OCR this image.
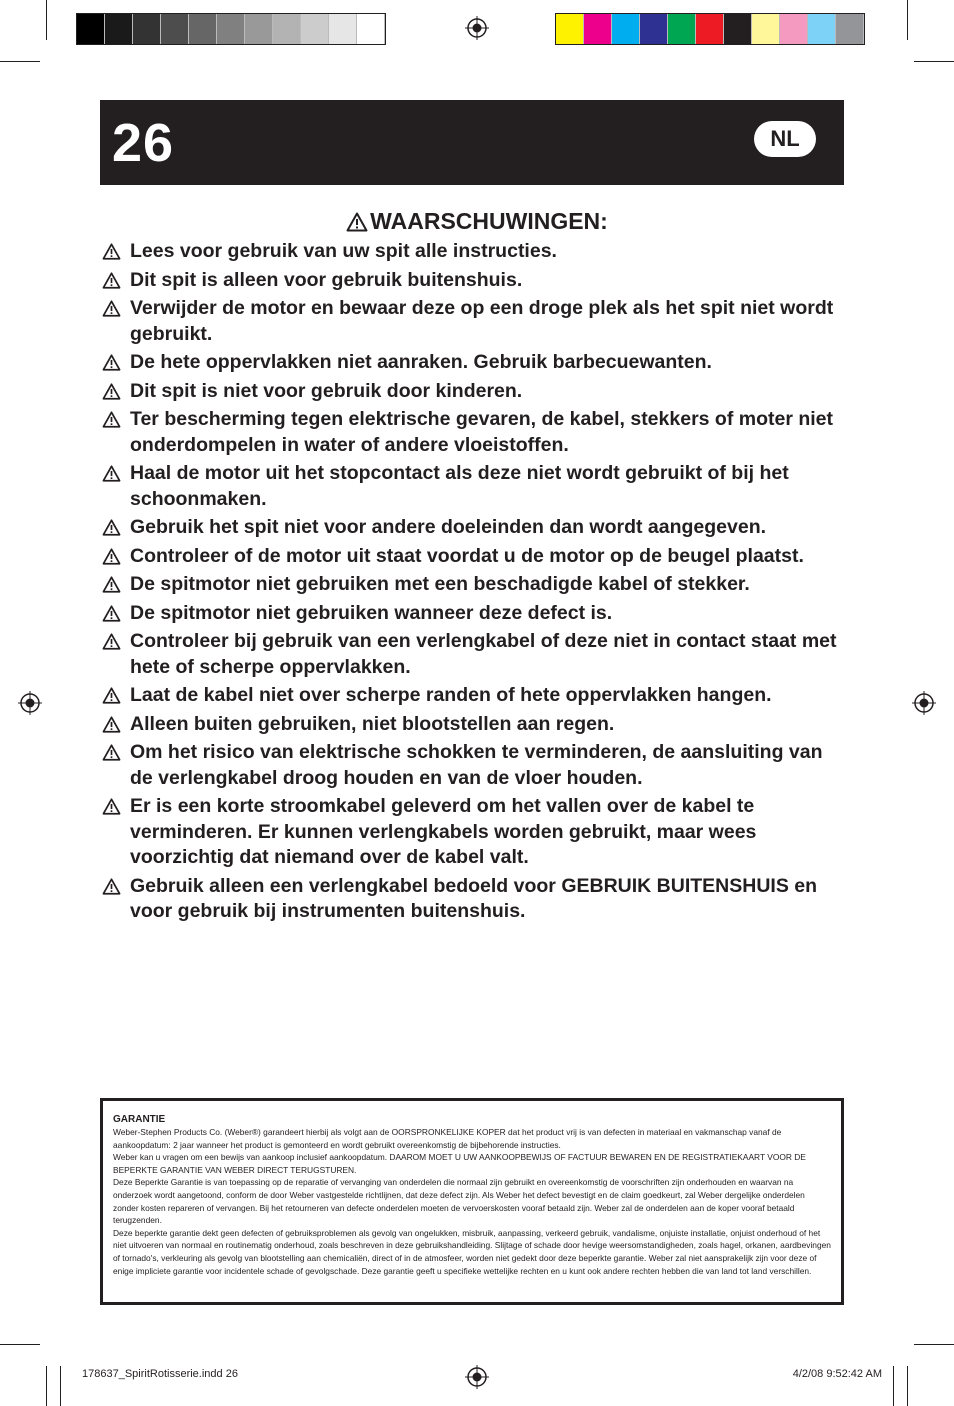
26	NL
WAARSCHUWINGEN:
Lees voor gebruik van uw spit alle instructies.
Dit spit is alleen voor gebruik buitenshuis.
Verwijder de motor en bewaar deze op een droge plek als het spit niet wordt gebruikt.
De hete oppervlakken niet aanraken. Gebruik barbecuewanten.
Dit spit is niet voor gebruik door kinderen.
Ter bescherming tegen elektrische gevaren, de kabel, stekkers of moter niet onderdompelen in water of andere vloeistoffen.
Haal de motor uit het stopcontact als deze niet wordt gebruikt of bij het schoonmaken.
Gebruik het spit niet voor andere doeleinden dan wordt aangegeven.
Controleer of de motor uit staat voordat u de motor op de beugel plaatst.
De spitmotor niet gebruiken met een beschadigde kabel of stekker.
De spitmotor niet gebruiken wanneer deze defect is.
Controleer bij gebruik van een verlengkabel of deze niet in contact staat met hete of scherpe oppervlakken.
Laat de kabel niet over scherpe randen of hete oppervlakken hangen.
Alleen buiten gebruiken, niet blootstellen aan regen.
Om het risico van elektrische schokken te verminderen, de aansluiting van de verlengkabel droog houden en van de vloer houden.
Er is een korte stroomkabel geleverd om het vallen over de kabel te verminderen. Er kunnen verlengkabels worden gebruikt, maar wees voorzichtig dat niemand over de kabel valt.
Gebruik alleen een verlengkabel bedoeld voor GEBRUIK BUITENSHUIS en voor gebruik bij instrumenten buitenshuis.
GARANTIE

Weber-Stephen Products Co. (Weber®) garandeert hierbij als volgt aan de OORSPRONKELIJKE KOPER dat het product vrij is van defecten in materiaal en vakmanschap vanaf de aankoopdatum: 2 jaar wanneer het product is gemonteerd en wordt gebruikt overeenkomstig de bijbehorende instructies.

Weber kan u vragen om een bewijs van aankoop inclusief aankoopdatum. DAAROM MOET U UW AANKOOPBEWIJS OF FACTUUR BEWAREN EN DE REGISTRATIEKAART VOOR DE BEPERKTE GARANTIE VAN WEBER DIRECT TERUGSTUREN.

Deze Beperkte Garantie is van toepassing op de reparatie of vervanging van onderdelen die normaal zijn gebruikt en overeenkomstig de voorschriften zijn onderhouden en waarvan na onderzoek wordt aangetoond, conform de door Weber vastgestelde richtlijnen, dat deze defect zijn. Als Weber het defect bevestigt en de claim goedkeurt, zal Weber dergelijke onderdelen zonder kosten repareren of vervangen. Bij het retourneren van defecte onderdelen moeten de vervoerskosten vooraf betaald zijn. Weber zal de onderdelen aan de koper vooraf betaald terugzenden.

Deze beperkte garantie dekt geen defecten of gebruiksproblemen als gevolg van ongelukken, misbruik, aanpassing, verkeerd gebruik, vandalisme, onjuiste installatie, onjuist onderhoud of het niet uitvoeren van normaal en routinematig onderhoud, zoals beschreven in deze gebruikshandleiding. Slijtage of schade door hevige weersomstandigheden, zoals hagel, orkanen, aardbevingen of tornado's, verkleuring als gevolg van blootstelling aan chemicaliën, direct of in de atmosfeer, worden niet gedekt door deze beperkte garantie. Weber zal niet aansprakelijk zijn voor deze of enige impliciete garantie voor incidentele schade of gevolgschade. Deze garantie geeft u specifieke wettelijke rechten en u kunt ook andere rechten hebben die van land tot land verschillen.

178637_SpiritRotisserie.indd 26	4/2/08 9:52:42 AM
